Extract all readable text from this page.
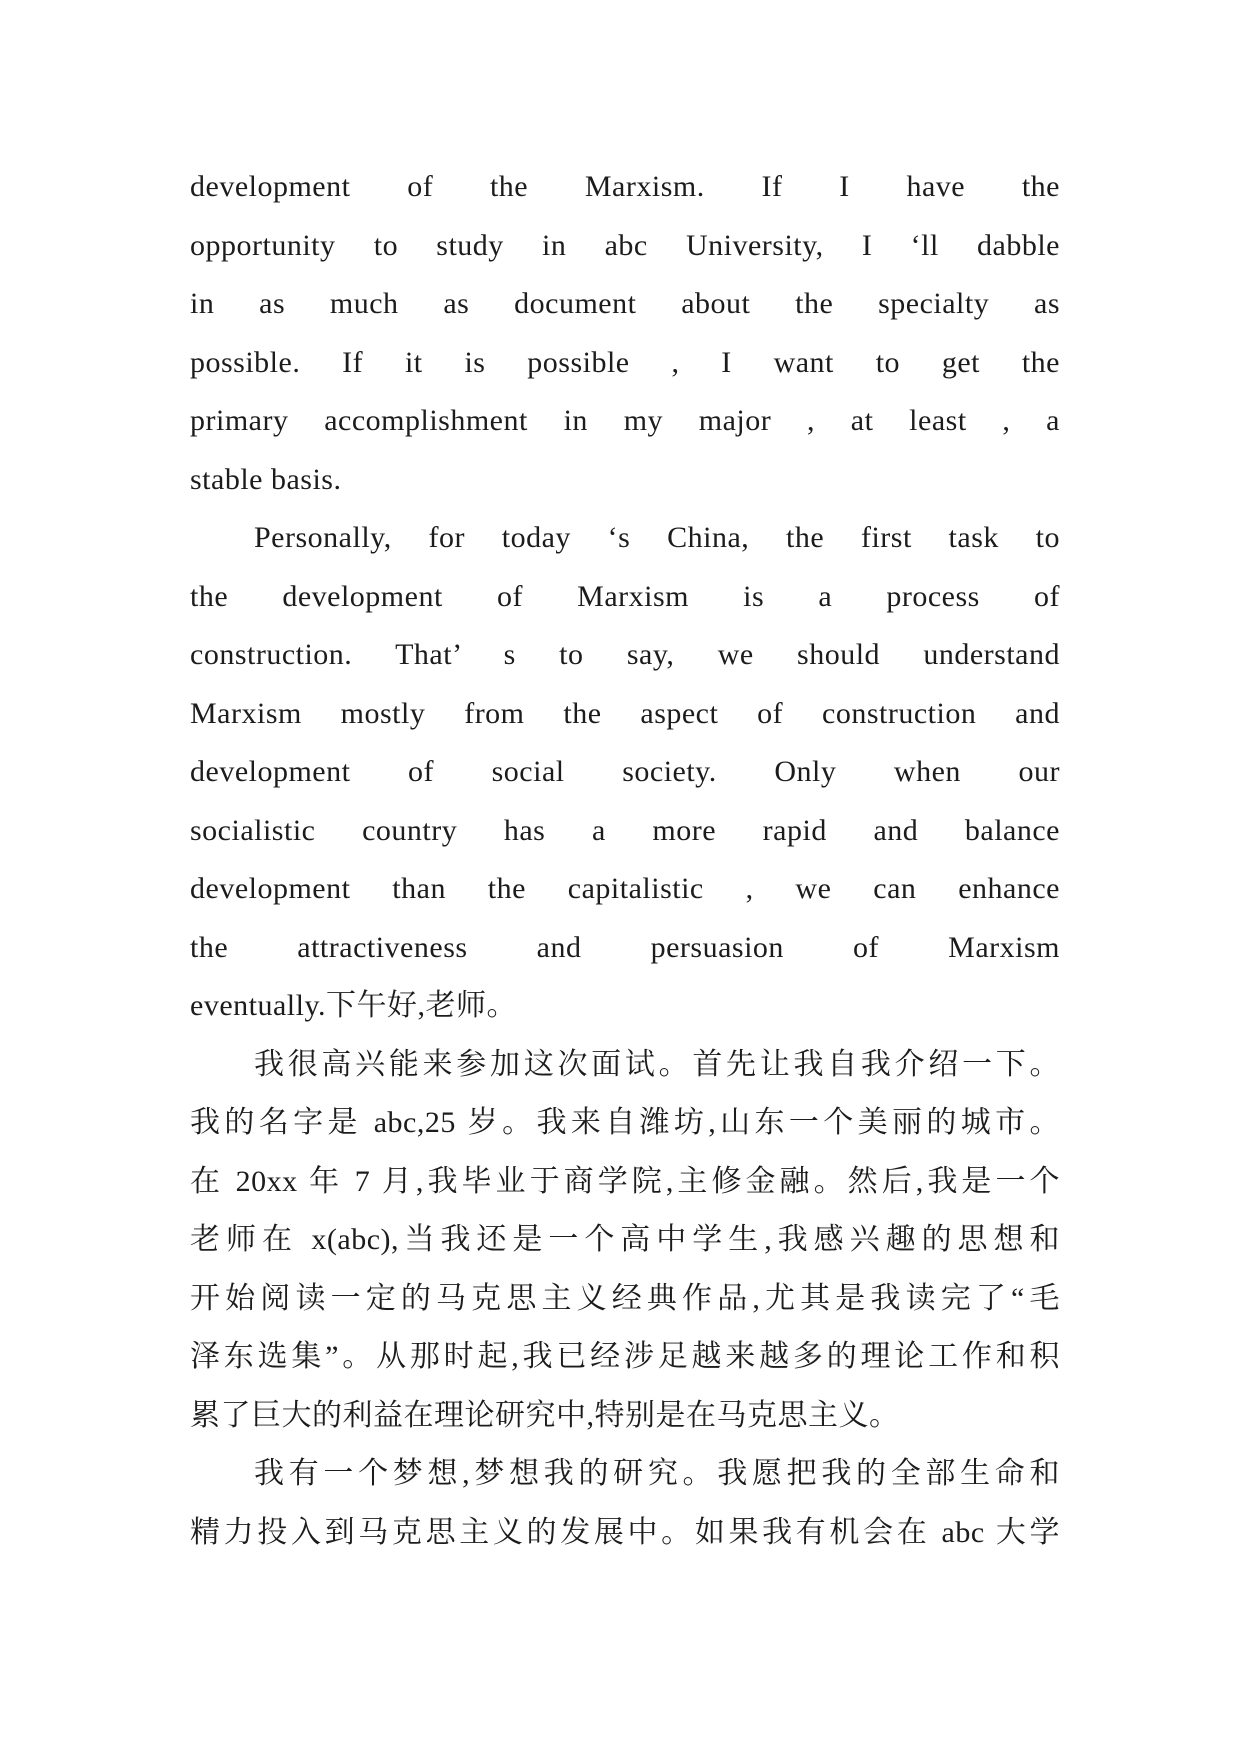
development of the Marxism. If I have the
opportunity to study in abc University, I ‘ll dabble
in as much as document about the specialty as
possible. If it is possible , I want to get the
primary accomplishment in my major , at least , a
stable basis.
Personally, for today ‘s China, the first task to
the development of Marxism is a process of
construction. That’ s to say, we should understand
Marxism mostly from the aspect of construction and
development of social society. Only when our
socialistic country has a more rapid and balance
development than the capitalistic , we can enhance
the attractiveness and persuasion of Marxism
eventually.下午好,老师。
我很高兴能来参加这次面试。首先让我自我介绍一下。
我的名字是 abc,25 岁。我来自潍坊,山东一个美丽的城市。
在 20xx 年 7 月,我毕业于商学院,主修金融。然后,我是一个
老师在 x(abc),当我还是一个高中学生,我感兴趣的思想和
开始阅读一定的马克思主义经典作品,尤其是我读完了“毛
泽东选集”。从那时起,我已经涉足越来越多的理论工作和积
累了巨大的利益在理论研究中,特别是在马克思主义。
我有一个梦想,梦想我的研究。我愿把我的全部生命和
精力投入到马克思主义的发展中。如果我有机会在 abc 大学
